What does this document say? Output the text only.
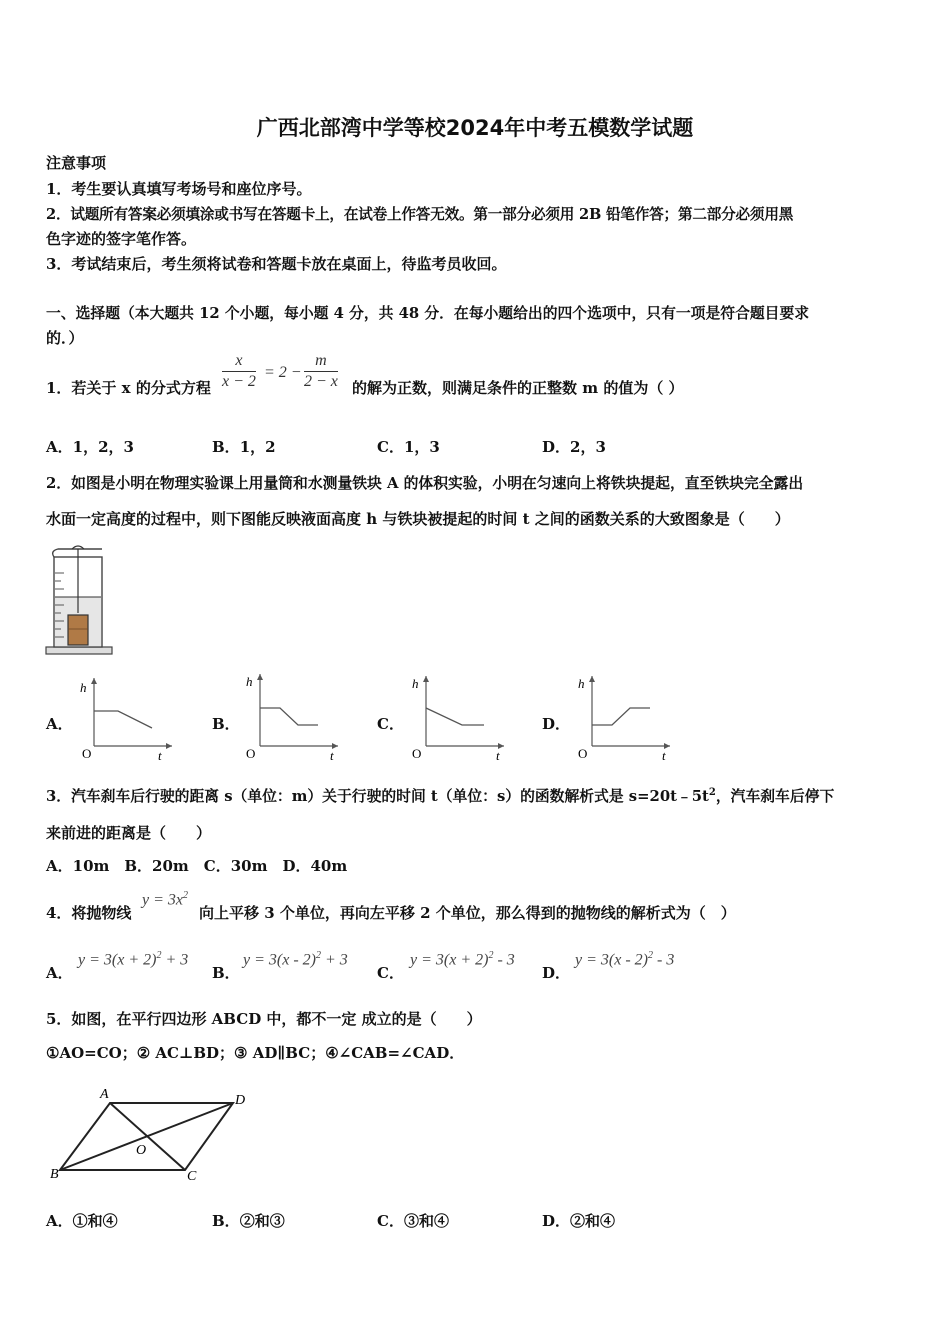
广西北部湾中学等校2024年中考五模数学试题
注意事项
1．考生要认真填写考场号和座位序号。
2．试题所有答案必须填涂或书写在答题卡上，在试卷上作答无效。第一部分必须用 2B 铅笔作答；第二部分必须用黑
色字迹的签字笔作答。
3．考试结束后，考生须将试卷和答题卡放在桌面上，待监考员收回。
一、选择题（本大题共 12 个小题，每小题 4 分，共 48 分．在每小题给出的四个选项中，只有一项是符合题目要求
的．）
1．若关于 x 的分式方程 $\frac{x}{x - 2} = 2 - \frac{m}{2 - x}$ 的解为正数，则满足条件的正整数 m 的值为（ ）
A．1，2，3	B．1，2	C．1，3	D．2，3
2．如图是小明在物理实验课上用量筒和水测量铁块 A 的体积实验，小明在匀速向上将铁块提起，直至铁块完全露出
水面一定高度的过程中，则下图能反映液面高度 h 与铁块被提起的时间 t 之间的函数关系的大致图象是（　　）
A．
h
t
O
B．
h
t
O
C．
h
t
O
D．
h
t
O
3．汽车刹车后行驶的距离 s（单位：m）关于行驶的时间 t（单位：s）的函数解析式是 $s=20t﹣5t^2$，汽车刹车后停下
来前进的距离是（　　）
A．10m　B．20m　C．30m　D．40m
4．将抛物线
$y = 3x^2$
向上平移 3 个单位，再向左平移 2 个单位，那么得到的抛物线的解析式为（　）
A．
$y = 3(x + 2)^2 + 3$
B．
y = 3(x - 2)$^2$ + 3
C．
$y = 3(x + 2)^2 - 3$
D．
y = 3(x - 2)$^2$ - 3
5．如图，在平行四边形 ABCD 中，都不一定 成立的是（　　）
①AO=CO；② AC⊥BD；③ AD∥BC；④∠CAB=∠CAD．
A	D
B	C
O
A．①和④	B．②和③	C．③和④	D．②和④
